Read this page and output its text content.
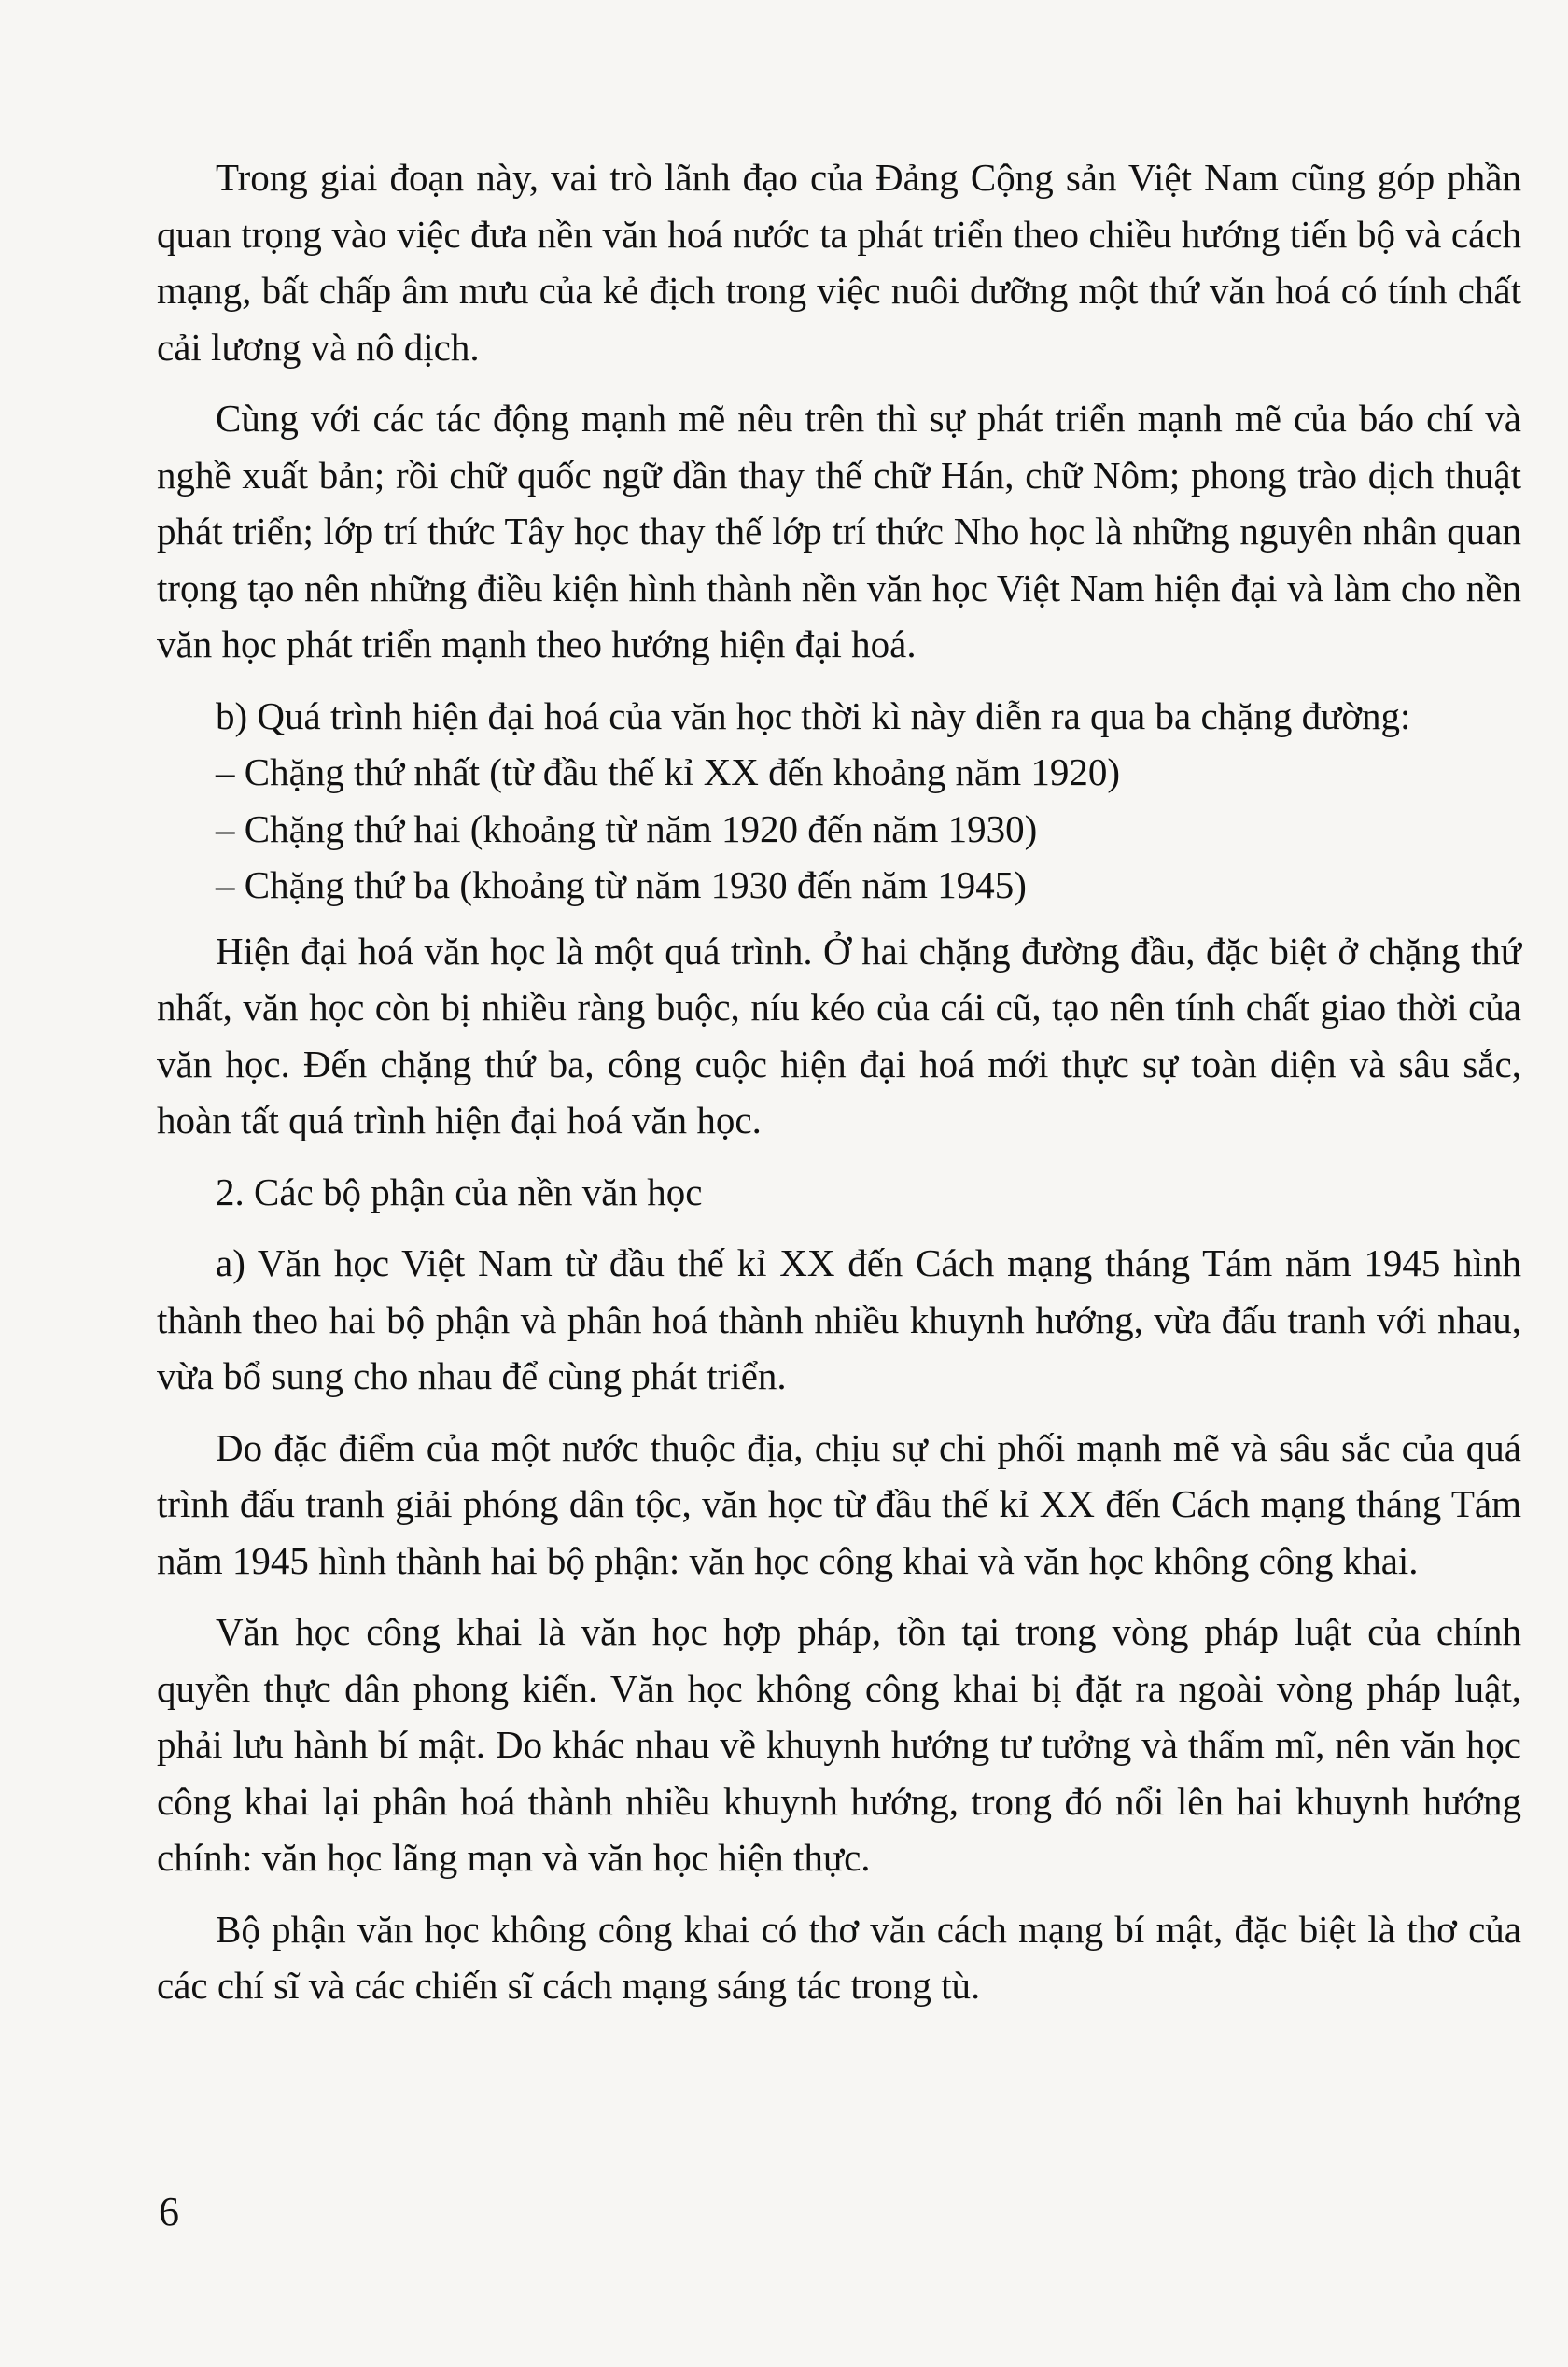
Trong giai đoạn này, vai trò lãnh đạo của Đảng Cộng sản Việt Nam cũng góp phần quan trọng vào việc đưa nền văn hoá nước ta phát triển theo chiều hướng tiến bộ và cách mạng, bất chấp âm mưu của kẻ địch trong việc nuôi dưỡng một thứ văn hoá có tính chất cải lương và nô dịch.

Cùng với các tác động mạnh mẽ nêu trên thì sự phát triển mạnh mẽ của báo chí và nghề xuất bản; rồi chữ quốc ngữ dần thay thế chữ Hán, chữ Nôm; phong trào dịch thuật phát triển; lớp trí thức Tây học thay thế lớp trí thức Nho học là những nguyên nhân quan trọng tạo nên những điều kiện hình thành nền văn học Việt Nam hiện đại và làm cho nền văn học phát triển mạnh theo hướng hiện đại hoá.

b) Quá trình hiện đại hoá của văn học thời kì này diễn ra qua ba chặng đường:

– Chặng thứ nhất (từ đầu thế kỉ XX đến khoảng năm 1920)
– Chặng thứ hai (khoảng từ năm 1920 đến năm 1930)
– Chặng thứ ba (khoảng từ năm 1930 đến năm 1945)

Hiện đại hoá văn học là một quá trình. Ở hai chặng đường đầu, đặc biệt ở chặng thứ nhất, văn học còn bị nhiều ràng buộc, níu kéo của cái cũ, tạo nên tính chất giao thời của văn học. Đến chặng thứ ba, công cuộc hiện đại hoá mới thực sự toàn diện và sâu sắc, hoàn tất quá trình hiện đại hoá văn học.

2. Các bộ phận của nền văn học

a) Văn học Việt Nam từ đầu thế kỉ XX đến Cách mạng tháng Tám năm 1945 hình thành theo hai bộ phận và phân hoá thành nhiều khuynh hướng, vừa đấu tranh với nhau, vừa bổ sung cho nhau để cùng phát triển.

Do đặc điểm của một nước thuộc địa, chịu sự chi phối mạnh mẽ và sâu sắc của quá trình đấu tranh giải phóng dân tộc, văn học từ đầu thế kỉ XX đến Cách mạng tháng Tám năm 1945 hình thành hai bộ phận: văn học công khai và văn học không công khai.

Văn học công khai là văn học hợp pháp, tồn tại trong vòng pháp luật của chính quyền thực dân phong kiến. Văn học không công khai bị đặt ra ngoài vòng pháp luật, phải lưu hành bí mật. Do khác nhau về khuynh hướng tư tưởng và thẩm mĩ, nên văn học công khai lại phân hoá thành nhiều khuynh hướng, trong đó nổi lên hai khuynh hướng chính: văn học lãng mạn và văn học hiện thực.

Bộ phận văn học không công khai có thơ văn cách mạng bí mật, đặc biệt là thơ của các chí sĩ và các chiến sĩ cách mạng sáng tác trong tù.

6
